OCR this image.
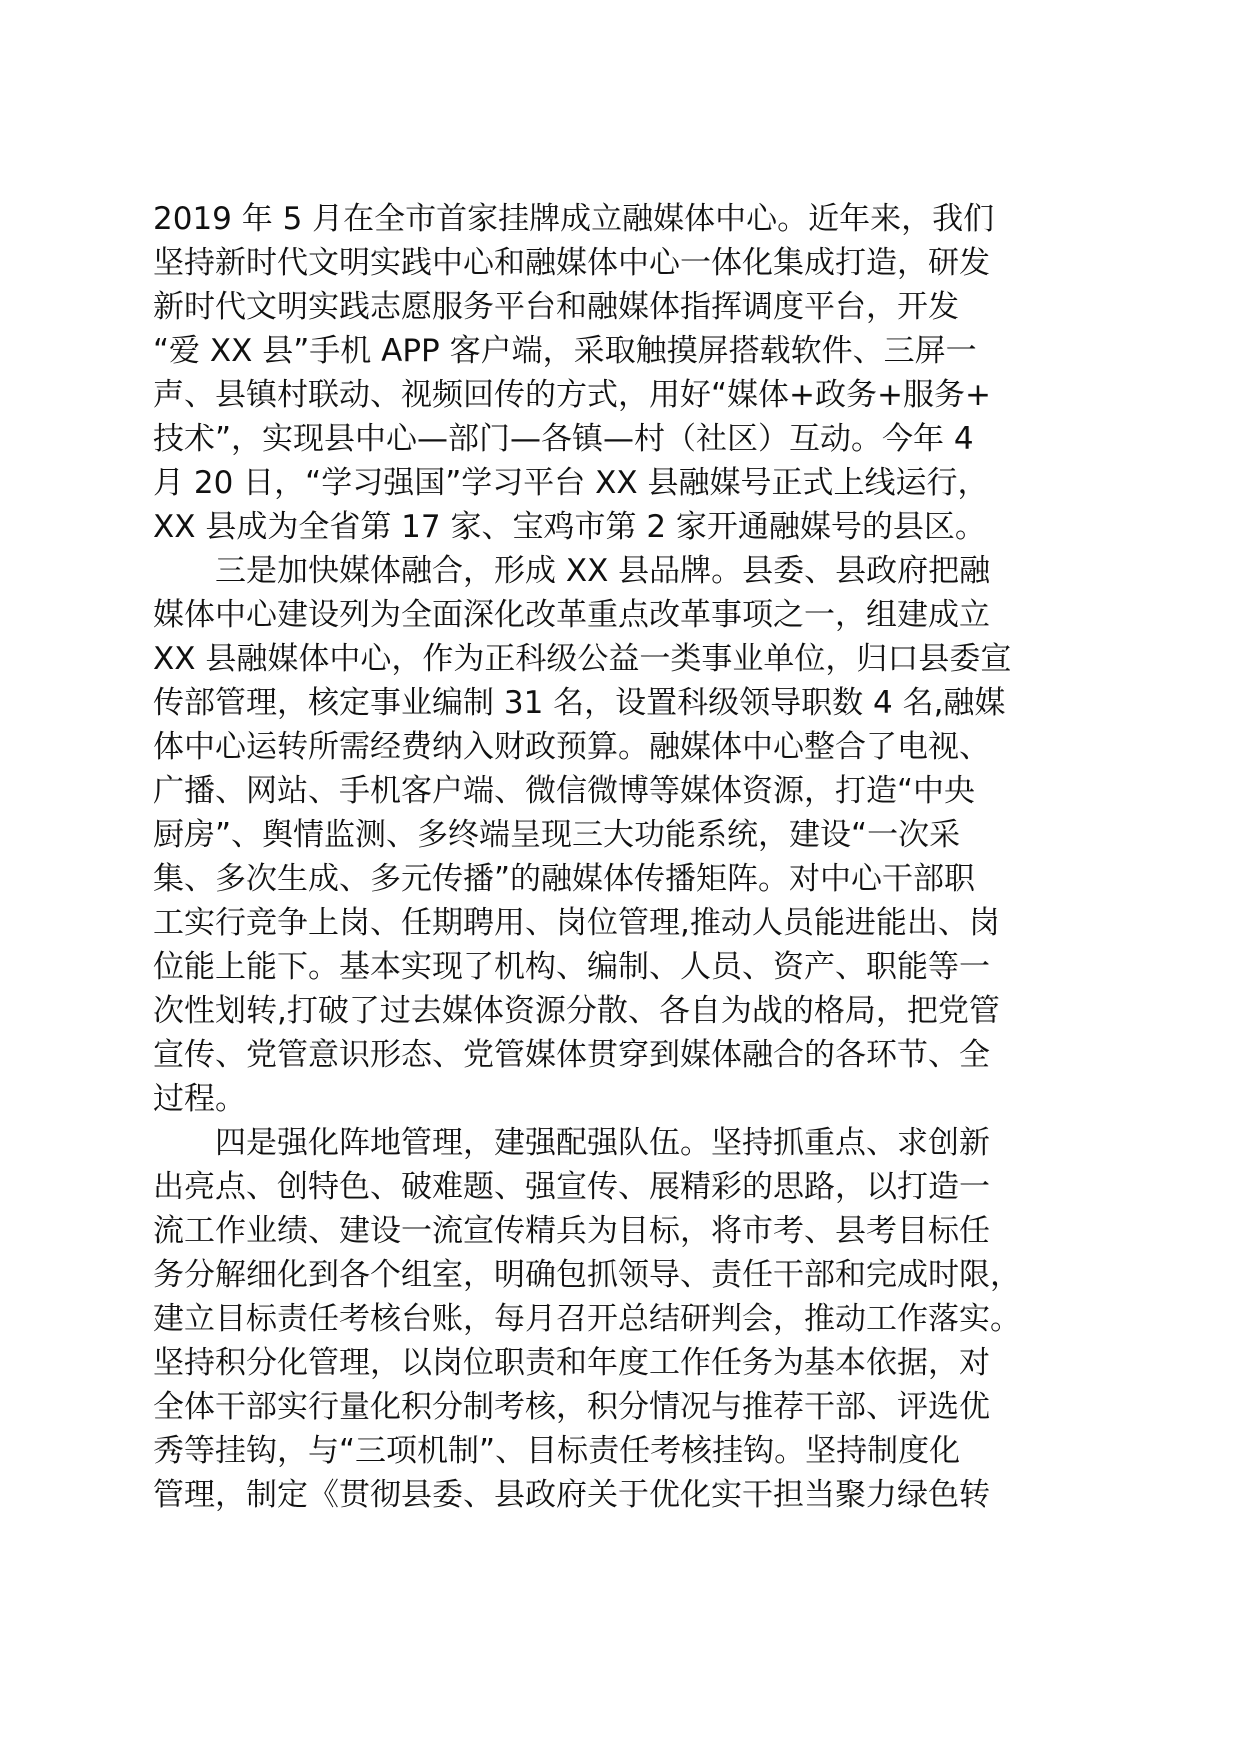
2019 年 5 月在全市首家挂牌成立融媒体中心。近年来，我们
坚持新时代文明实践中心和融媒体中心一体化集成打造，研发
新时代文明实践志愿服务平台和融媒体指挥调度平台，开发
“爱 XX 县”手机 APP 客户端，采取触摸屏搭载软件、三屏一
声、县镇村联动、视频回传的方式，用好“媒体+政务+服务+
技术”，实现县中心—部门—各镇—村（社区）互动。今年 4
月 20 日，“学习强国”学习平台 XX 县融媒号正式上线运行，
XX 县成为全省第 17 家、宝鸡市第 2 家开通融媒号的县区。
三是加快媒体融合，形成 XX 县品牌。县委、县政府把融
媒体中心建设列为全面深化改革重点改革事项之一，组建成立
XX 县融媒体中心，作为正科级公益一类事业单位，归口县委宣
传部管理，核定事业编制 31 名，设置科级领导职数 4 名,融媒
体中心运转所需经费纳入财政预算。融媒体中心整合了电视、
广播、网站、手机客户端、微信微博等媒体资源，打造“中央
厨房”、舆情监测、多终端呈现三大功能系统，建设“一次采
集、多次生成、多元传播”的融媒体传播矩阵。对中心干部职
工实行竞争上岗、任期聘用、岗位管理,推动人员能进能出、岗
位能上能下。基本实现了机构、编制、人员、资产、职能等一
次性划转,打破了过去媒体资源分散、各自为战的格局，把党管
宣传、党管意识形态、党管媒体贯穿到媒体融合的各环节、全
过程。
四是强化阵地管理，建强配强队伍。坚持抓重点、求创新
出亮点、创特色、破难题、强宣传、展精彩的思路，以打造一
流工作业绩、建设一流宣传精兵为目标，将市考、县考目标任
务分解细化到各个组室，明确包抓领导、责任干部和完成时限，
建立目标责任考核台账，每月召开总结研判会，推动工作落实。
坚持积分化管理，以岗位职责和年度工作任务为基本依据，对
全体干部实行量化积分制考核，积分情况与推荐干部、评选优
秀等挂钩，与“三项机制”、目标责任考核挂钩。坚持制度化
管理，制定《贯彻县委、县政府关于优化实干担当聚力绿色转
